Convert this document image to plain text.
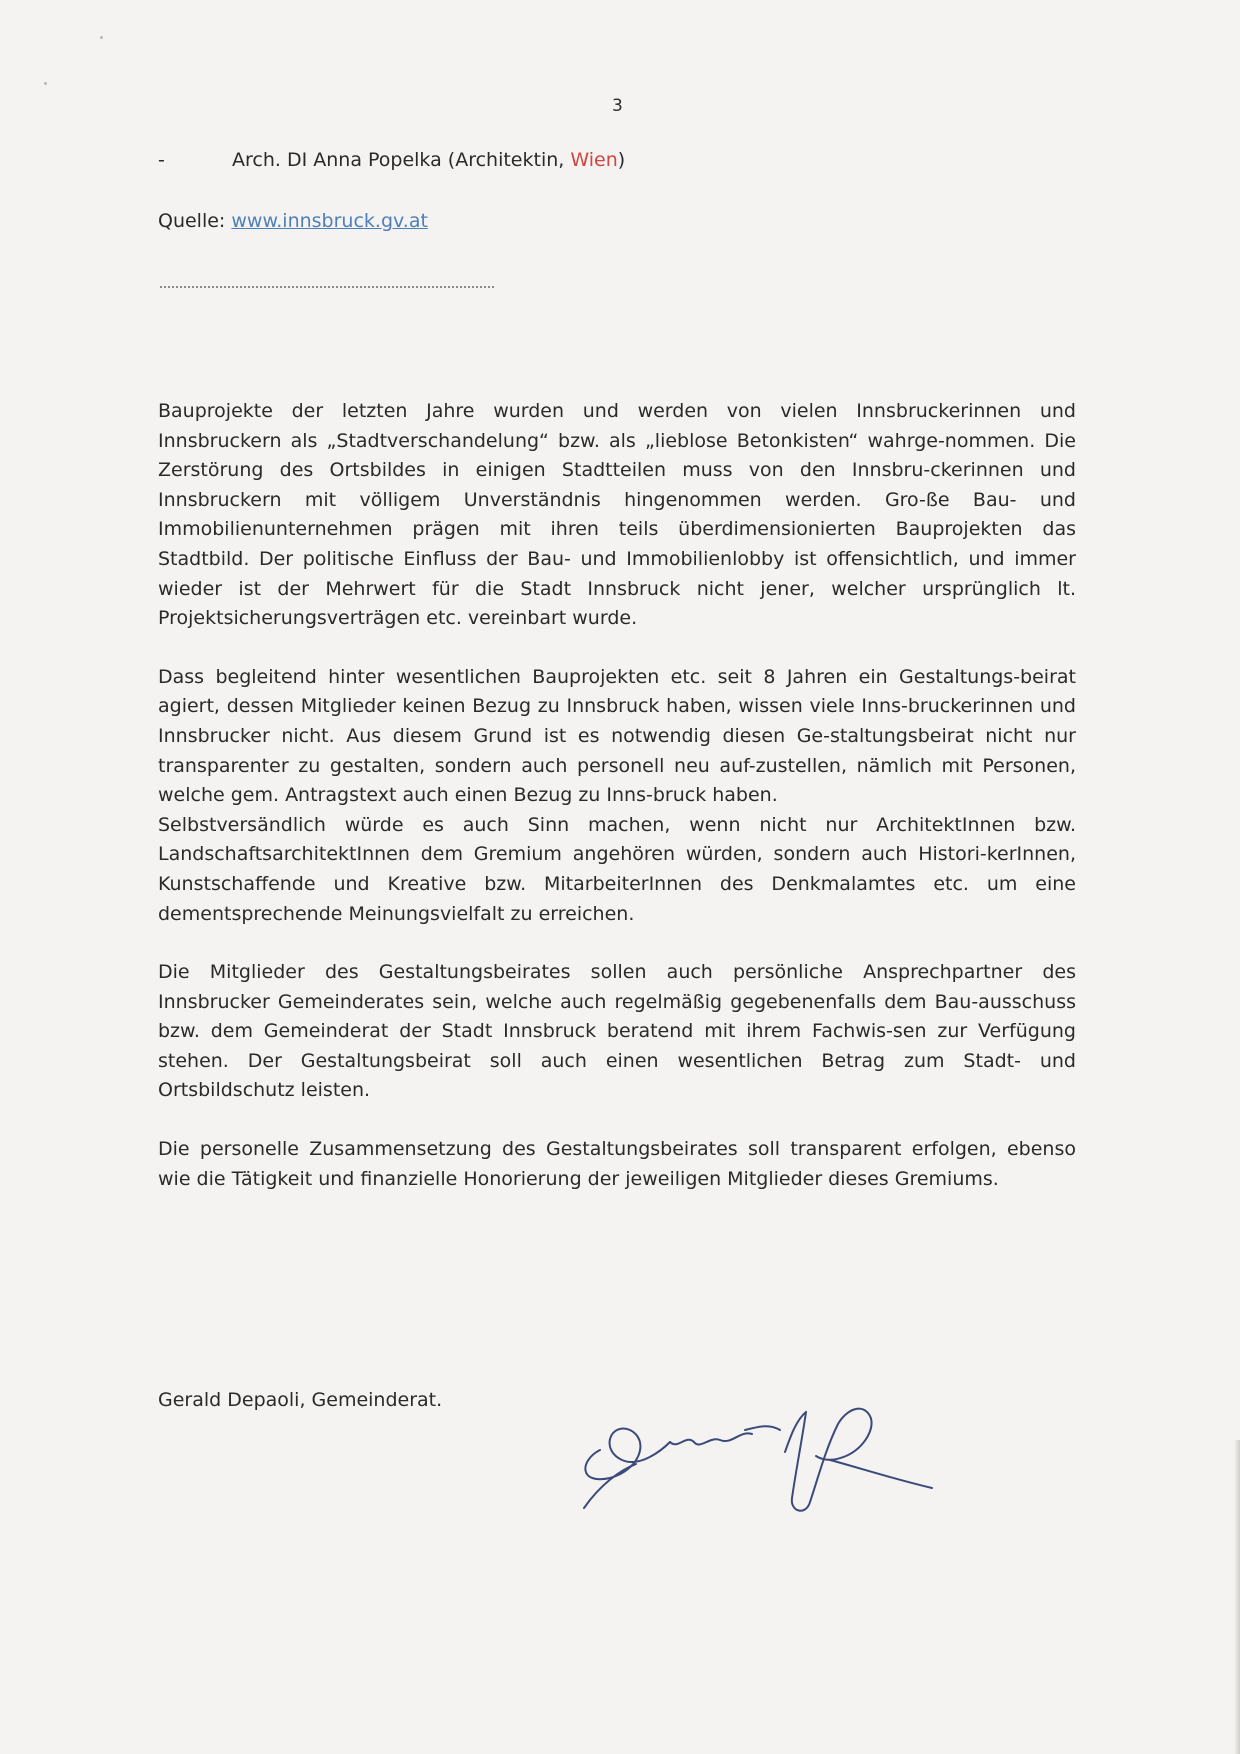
3
-	Arch. DI Anna Popelka (Architektin, Wien)
Quelle: www.innsbruck.gv.at

Bauprojekte der letzten Jahre wurden und werden von vielen Innsbruckerinnen und Innsbruckern als „Stadtverschandelung“ bzw. als „lieblose Betonkisten“ wahrge-nommen. Die Zerstörung des Ortsbildes in einigen Stadtteilen muss von den Innsbru-ckerinnen und Innsbruckern mit völligem Unverständnis hingenommen werden. Gro-ße Bau- und Immobilienunternehmen prägen mit ihren teils überdimensionierten Bauprojekten das Stadtbild. Der politische Einfluss der Bau- und Immobilienlobby ist offensichtlich, und immer wieder ist der Mehrwert für die Stadt Innsbruck nicht jener, welcher ursprünglich lt. Projektsicherungsverträgen etc. vereinbart wurde.

Dass begleitend hinter wesentlichen Bauprojekten etc. seit 8 Jahren ein Gestaltungs-beirat agiert, dessen Mitglieder keinen Bezug zu Innsbruck haben, wissen viele Inns-bruckerinnen und Innsbrucker nicht. Aus diesem Grund ist es notwendig diesen Ge-staltungsbeirat nicht nur transparenter zu gestalten, sondern auch personell neu auf-zustellen, nämlich mit Personen, welche gem. Antragstext auch einen Bezug zu Inns-bruck haben.

Selbstversändlich würde es auch Sinn machen, wenn nicht nur ArchitektInnen bzw. LandschaftsarchitektInnen dem Gremium angehören würden, sondern auch Histori-kerInnen, Kunstschaffende und Kreative bzw. MitarbeiterInnen des Denkmalamtes etc. um eine dementsprechende Meinungsvielfalt zu erreichen.

Die Mitglieder des Gestaltungsbeirates sollen auch persönliche Ansprechpartner des Innsbrucker Gemeinderates sein, welche auch regelmäßig gegebenenfalls dem Bau-ausschuss bzw. dem Gemeinderat der Stadt Innsbruck beratend mit ihrem Fachwis-sen zur Verfügung stehen. Der Gestaltungsbeirat soll auch einen wesentlichen Betrag zum Stadt- und Ortsbildschutz leisten.

Die personelle Zusammensetzung des Gestaltungsbeirates soll transparent erfolgen, ebenso wie die Tätigkeit und finanzielle Honorierung der jeweiligen Mitglieder dieses Gremiums.

Gerald Depaoli, Gemeinderat.
